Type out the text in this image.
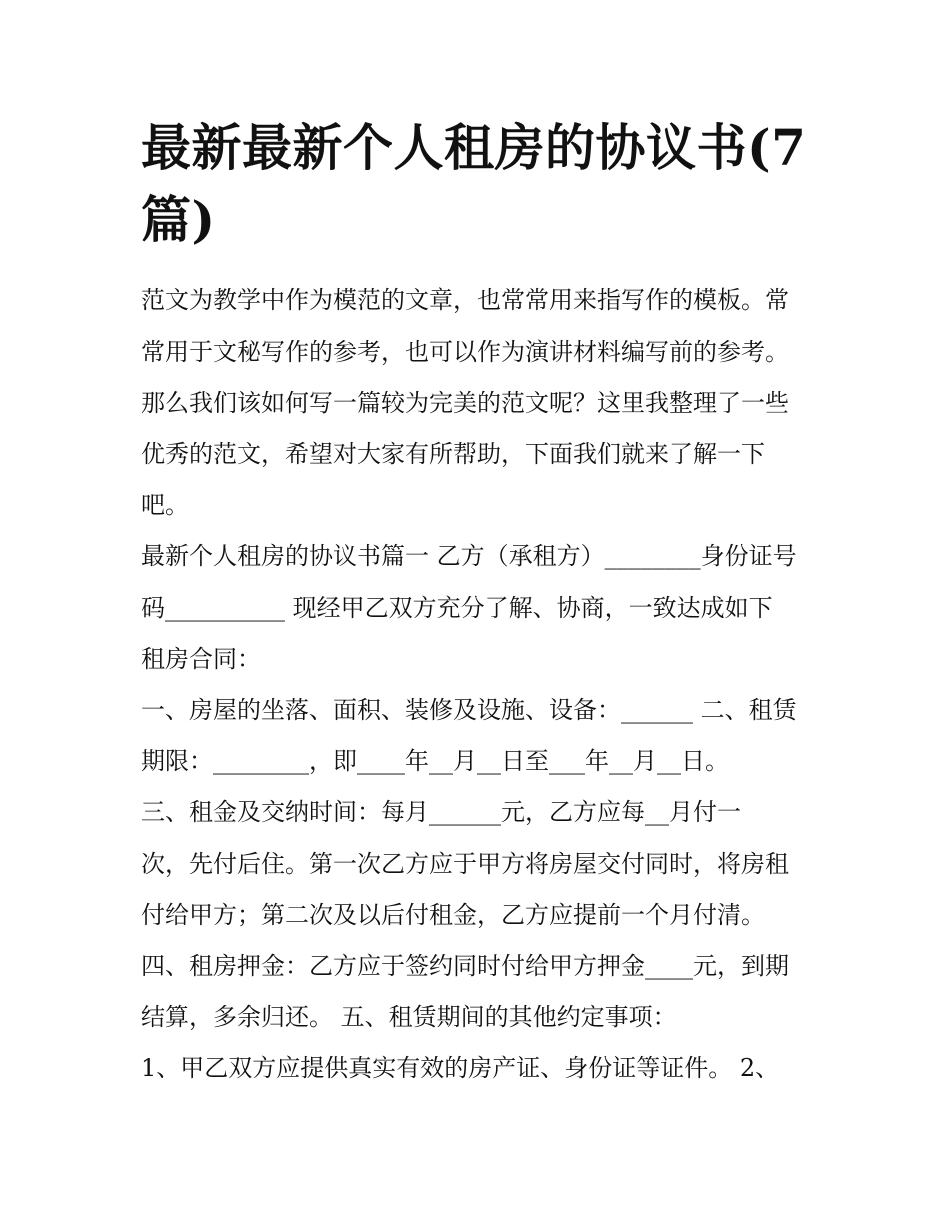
最新最新个人租房的协议书(7
篇)

范文为教学中作为模范的文章，也常常用来指写作的模板。常

常用于文秘写作的参考，也可以作为演讲材料编写前的参考。

那么我们该如何写一篇较为完美的范文呢？这里我整理了一些

优秀的范文，希望对大家有所帮助，下面我们就来了解一下

吧。

最新个人租房的协议书篇一 乙方（承租方）________身份证号

码__________ 现经甲乙双方充分了解、协商，一致达成如下

租房合同：

一、房屋的坐落、面积、装修及设施、设备：______ 二、租赁

期限：________，即____年__月__日至___年__月__日。

三、租金及交纳时间：每月______元，乙方应每__月付一

次，先付后住。第一次乙方应于甲方将房屋交付同时，将房租

付给甲方；第二次及以后付租金，乙方应提前一个月付清。

四、租房押金：乙方应于签约同时付给甲方押金____元，到期

结算，多余归还。 五、租赁期间的其他约定事项：

1、甲乙双方应提供真实有效的房产证、身份证等证件。 2、
